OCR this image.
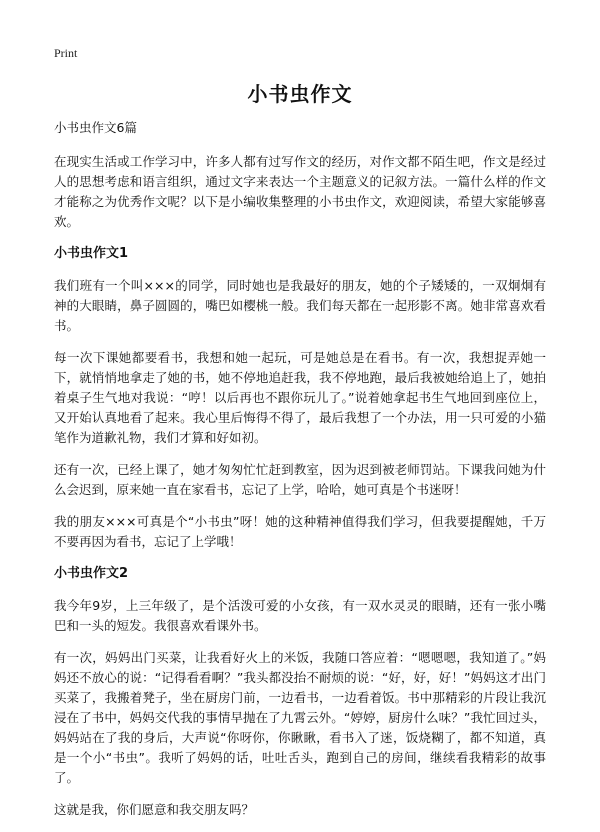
Print
小书虫作文

小书虫作文6篇

在现实生活或工作学习中，许多人都有过写作文的经历，对作文都不陌生吧，作文是经过人的思想考虑和语言组织，通过文字来表达一个主题意义的记叙方法。一篇什么样的作文才能称之为优秀作文呢？以下是小编收集整理的小书虫作文，欢迎阅读，希望大家能够喜欢。

小书虫作文1

我们班有一个叫×××的同学，同时她也是我最好的朋友，她的个子矮矮的，一双炯炯有神的大眼睛，鼻子圆圆的，嘴巴如樱桃一般。我们每天都在一起形影不离。她非常喜欢看书。

每一次下课她都要看书，我想和她一起玩，可是她总是在看书。有一次，我想捉弄她一下，就悄悄地拿走了她的书，她不停地追赶我，我不停地跑，最后我被她给追上了，她拍着桌子生气地对我说：“哼！以后再也不跟你玩儿了。”说着她拿起书生气地回到座位上，又开始认真地看了起来。我心里后悔得不得了，最后我想了一个办法，用一只可爱的小猫笔作为道歉礼物，我们才算和好如初。

还有一次，已经上课了，她才匆匆忙忙赶到教室，因为迟到被老师罚站。下课我问她为什么会迟到，原来她一直在家看书，忘记了上学，哈哈，她可真是个书迷呀！

我的朋友×××可真是个“小书虫”呀！她的这种精神值得我们学习，但我要提醒她，千万不要再因为看书，忘记了上学哦！

小书虫作文2

我今年9岁，上三年级了，是个活泼可爱的小女孩，有一双水灵灵的眼睛，还有一张小嘴巴和一头的短发。我很喜欢看课外书。

有一次，妈妈出门买菜，让我看好火上的米饭，我随口答应着：“嗯嗯嗯，我知道了。”妈妈还不放心的说：“记得看看啊？”我头都没抬不耐烦的说：“好，好，好！”妈妈这才出门买菜了，我搬着凳子，坐在厨房门前，一边看书，一边看着饭。书中那精彩的片段让我沉浸在了书中，妈妈交代我的事情早抛在了九霄云外。“婷婷，厨房什么味？”我忙回过头，妈妈站在了我的身后，大声说“你呀你，你瞅瞅，看书入了迷，饭烧糊了，都不知道，真是一个小“书虫”。我听了妈妈的话，吐吐舌头，跑到自己的房间，继续看我精彩的故事了。

这就是我，你们愿意和我交朋友吗？
